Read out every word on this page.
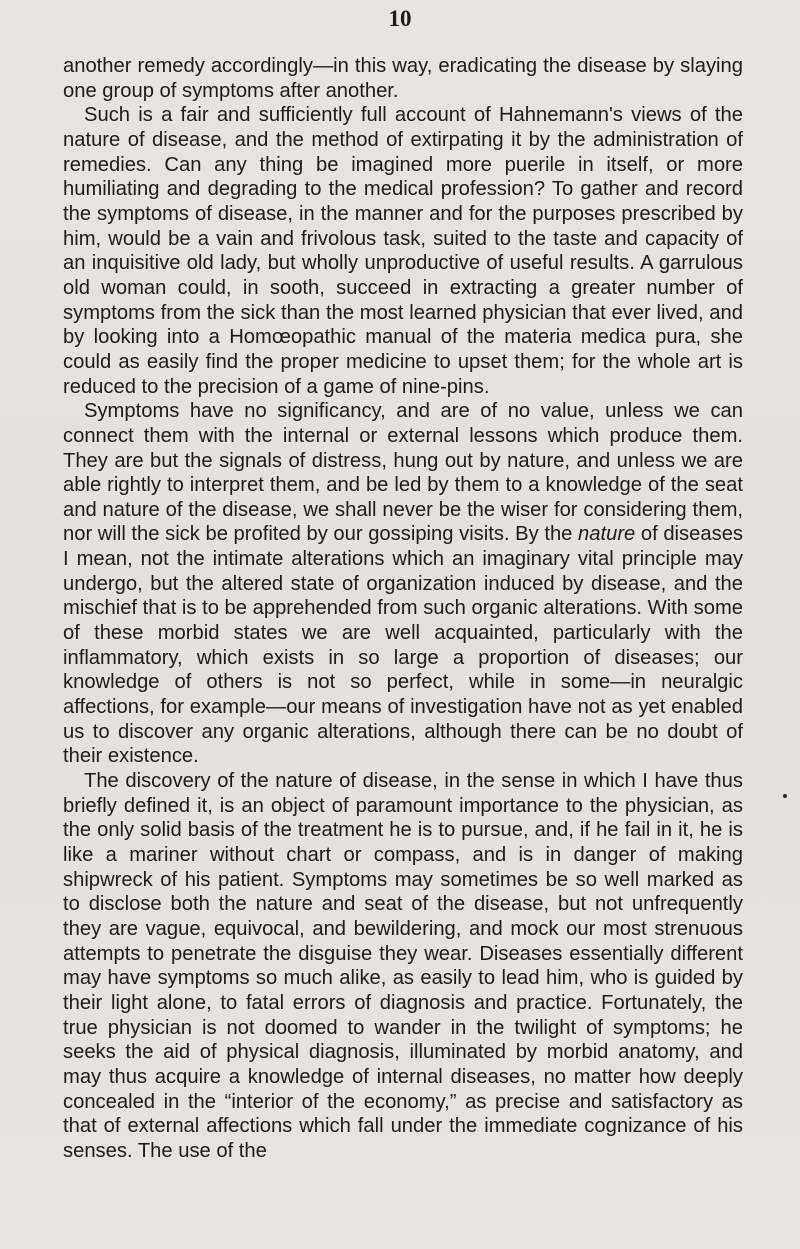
10

another remedy accordingly—in this way, eradicating the disease by slaying one group of symptoms after another.

Such is a fair and sufficiently full account of Hahnemann's views of the nature of disease, and the method of extirpating it by the administration of remedies. Can any thing be imagined more puerile in itself, or more humiliating and degrading to the medical profession? To gather and record the symptoms of disease, in the manner and for the purposes prescribed by him, would be a vain and frivolous task, suited to the taste and capacity of an inquisitive old lady, but wholly unproductive of useful results. A garrulous old woman could, in sooth, succeed in extracting a greater number of symptoms from the sick than the most learned physician that ever lived, and by looking into a Homœopathic manual of the materia medica pura, she could as easily find the proper medicine to upset them; for the whole art is reduced to the precision of a game of nine-pins.

Symptoms have no significancy, and are of no value, unless we can connect them with the internal or external lessons which produce them. They are but the signals of distress, hung out by nature, and unless we are able rightly to interpret them, and be led by them to a knowledge of the seat and nature of the disease, we shall never be the wiser for considering them, nor will the sick be profited by our gossiping visits. By the nature of diseases I mean, not the intimate alterations which an imaginary vital principle may undergo, but the altered state of organization induced by disease, and the mischief that is to be apprehended from such organic alterations. With some of these morbid states we are well acquainted, particularly with the inflammatory, which exists in so large a proportion of diseases; our knowledge of others is not so perfect, while in some—in neuralgic affections, for example—our means of investigation have not as yet enabled us to discover any organic alterations, although there can be no doubt of their existence.

The discovery of the nature of disease, in the sense in which I have thus briefly defined it, is an object of paramount importance to the physician, as the only solid basis of the treatment he is to pursue, and, if he fail in it, he is like a mariner without chart or compass, and is in danger of making shipwreck of his patient. Symptoms may sometimes be so well marked as to disclose both the nature and seat of the disease, but not unfrequently they are vague, equivocal, and bewildering, and mock our most strenuous attempts to penetrate the disguise they wear. Diseases essentially different may have symptoms so much alike, as easily to lead him, who is guided by their light alone, to fatal errors of diagnosis and practice. Fortunately, the true physician is not doomed to wander in the twilight of symptoms; he seeks the aid of physical diagnosis, illuminated by morbid anatomy, and may thus acquire a knowledge of internal diseases, no matter how deeply concealed in the “interior of the economy,” as precise and satisfactory as that of external affections which fall under the immediate cognizance of his senses. The use of the
